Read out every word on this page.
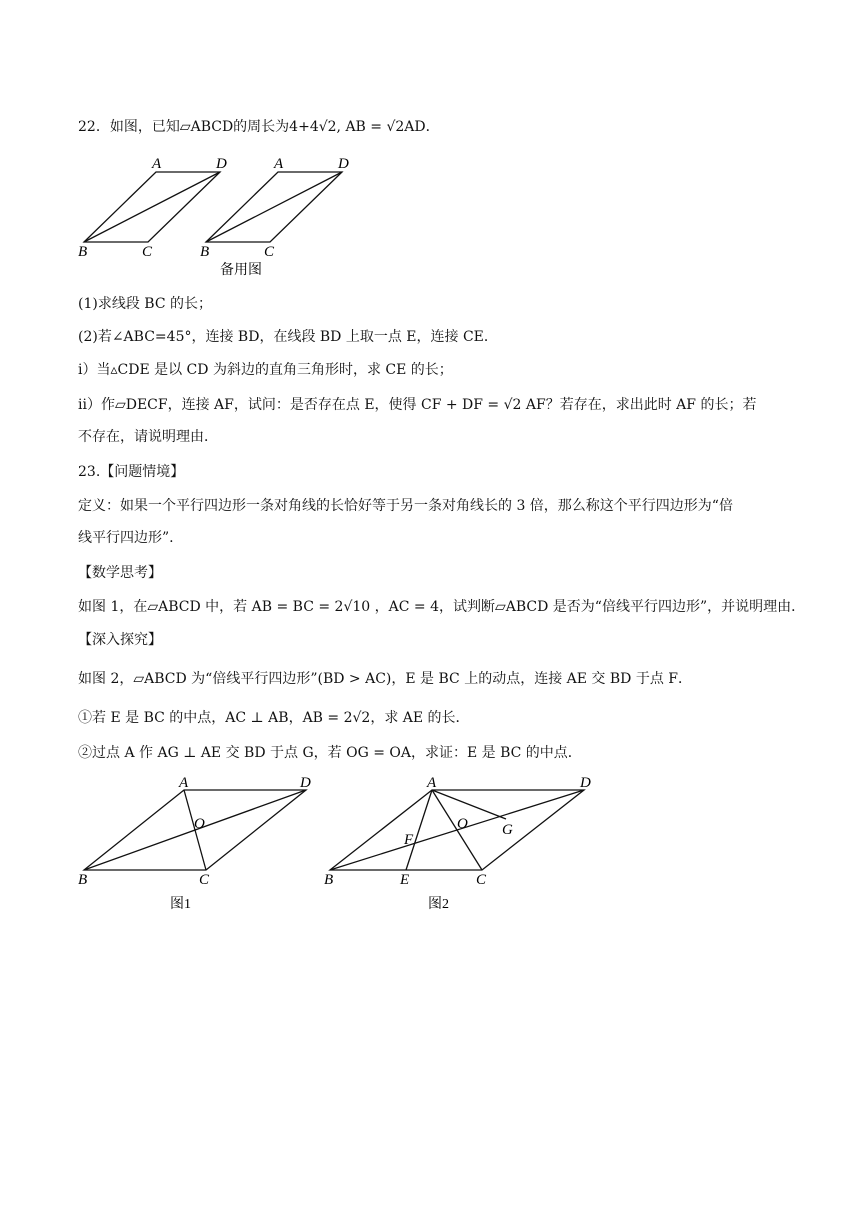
22．如图，已知▱ABCD的周长为4+4√2, AB = √2AD．
A	D
B	C
A	D
B	C
备用图
(1)求线段 BC 的长；
(2)若∠ABC=45°，连接 BD，在线段 BD 上取一点 E，连接 CE．
i）当▵CDE 是以 CD 为斜边的直角三角形时，求 CE 的长；
ii）作▱DECF，连接 AF，试问：是否存在点 E，使得 CF + DF = √2 AF？若存在，求出此时 AF 的长；若
不存在，请说明理由．
23.【问题情境】
定义：如果一个平行四边形一条对角线的长恰好等于另一条对角线长的 3 倍，那么称这个平行四边形为“倍
线平行四边形”.
【数学思考】
如图 1，在▱ABCD 中，若 AB = BC = 2√10 ，AC = 4，试判断▱ABCD 是否为“倍线平行四边形”，并说明理由．
【深入探究】
如图 2，▱ABCD 为“倍线平行四边形”(BD > AC)，E 是 BC 上的动点，连接 AE 交 BD 于点 F．
①若 E 是 BC 的中点，AC ⊥ AB，AB = 2√2，求 AE 的长．
②过点 A 作 AG ⊥ AE 交 BD 于点 G，若 OG = OA，求证：E 是 BC 的中点．
A	D
B	C
O
图1
A	D
B	E	C
O
F
G
图2
